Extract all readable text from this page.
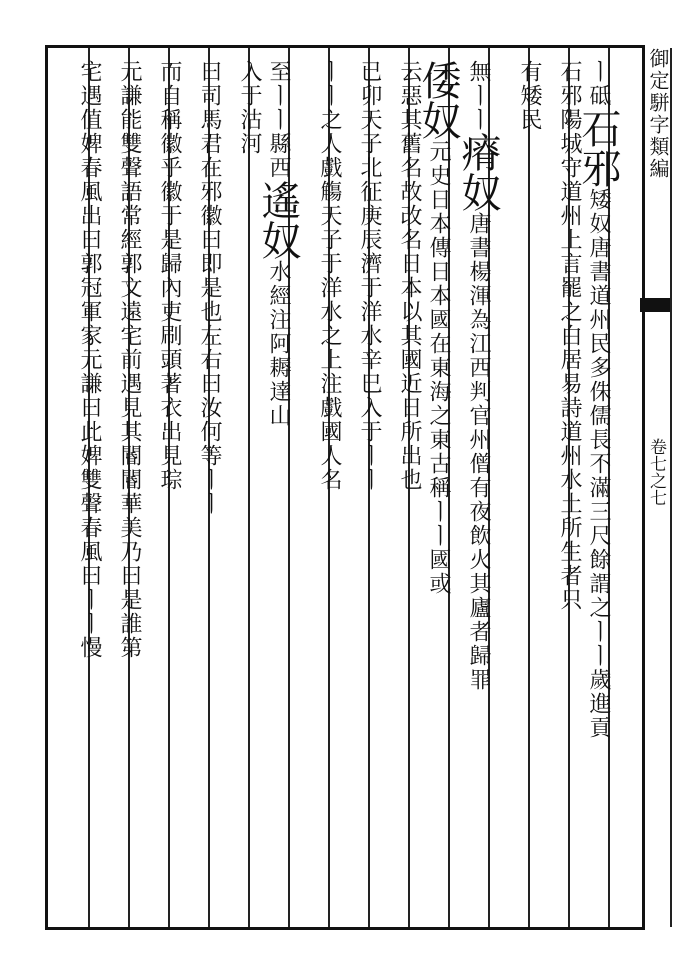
ㅣ砥石邪矮奴唐書道州民多侏儒長不滿三尺餘謂之ㅣㅣ歲進貢
石邪陽城守道州上言罷之白居易詩道州水土所生者只
有矮民
無ㅣㅣ瘠奴唐書楊渾為江西判官州僧有夜飲火其廬者歸罪
倭奴元史日本傳日本國在東海之東古稱ㅣㅣ國或
云惡其舊名故改名日本以其國近日所出也
已卯天子北征庚辰濟于洋水辛巳入于ㅣㅣ
ㅣㅣ之人戲觴天子于洋水之上注戲國人名
至ㅣㅣ縣西遙奴水經注阿耨達山
入于沽河
曰司馬君在邪徽曰即是也左右曰汝何等ㅣㅣ
而自稱徽乎徽于是歸內吏刷頭著衣出見琮
元謙能雙聲語常經郭文遠宅前遇見其閽閽華美乃曰是誰第
宅遇值婢春風出曰郭冠軍家元謙曰此婢雙聲春風曰ㅣㅣ慢	御定駢字類編
卷七之七
